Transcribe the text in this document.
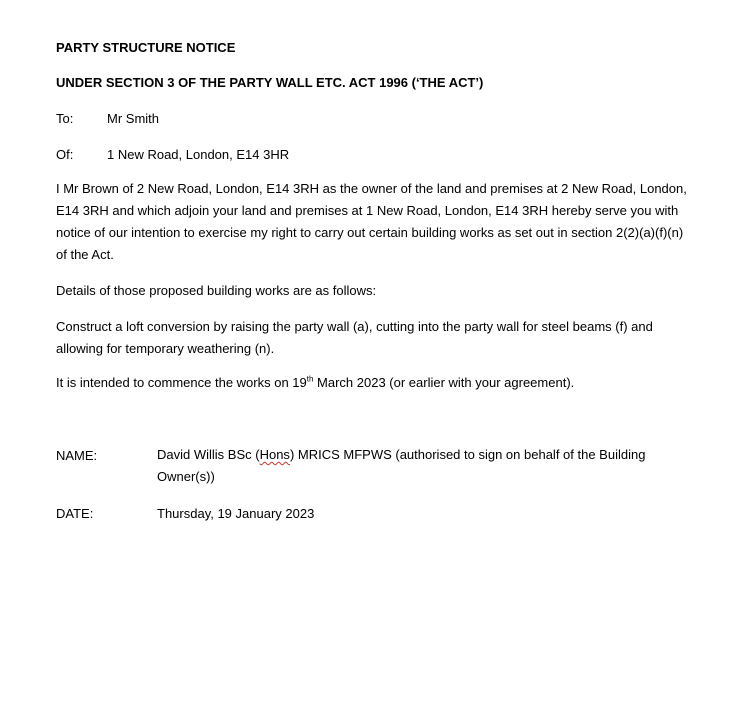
PARTY STRUCTURE NOTICE
UNDER SECTION 3 OF THE PARTY WALL ETC. ACT 1996 (‘THE ACT’)
To:	Mr Smith
Of:	1 New Road, London, E14 3HR
I Mr Brown of 2 New Road, London, E14 3RH as the owner of the land and premises at 2 New Road, London, E14 3RH and which adjoin your land and premises at 1 New Road, London, E14 3RH hereby serve you with notice of our intention to exercise my right to carry out certain building works as set out in section 2(2)(a)(f)(n) of the Act.
Details of those proposed building works are as follows:
Construct a loft conversion by raising the party wall (a), cutting into the party wall for steel beams (f) and allowing for temporary weathering (n).
It is intended to commence the works on 19th March 2023 (or earlier with your agreement).
NAME:	David Willis BSc (Hons) MRICS MFPWS (authorised to sign on behalf of the Building Owner(s))
DATE:	Thursday, 19 January 2023
